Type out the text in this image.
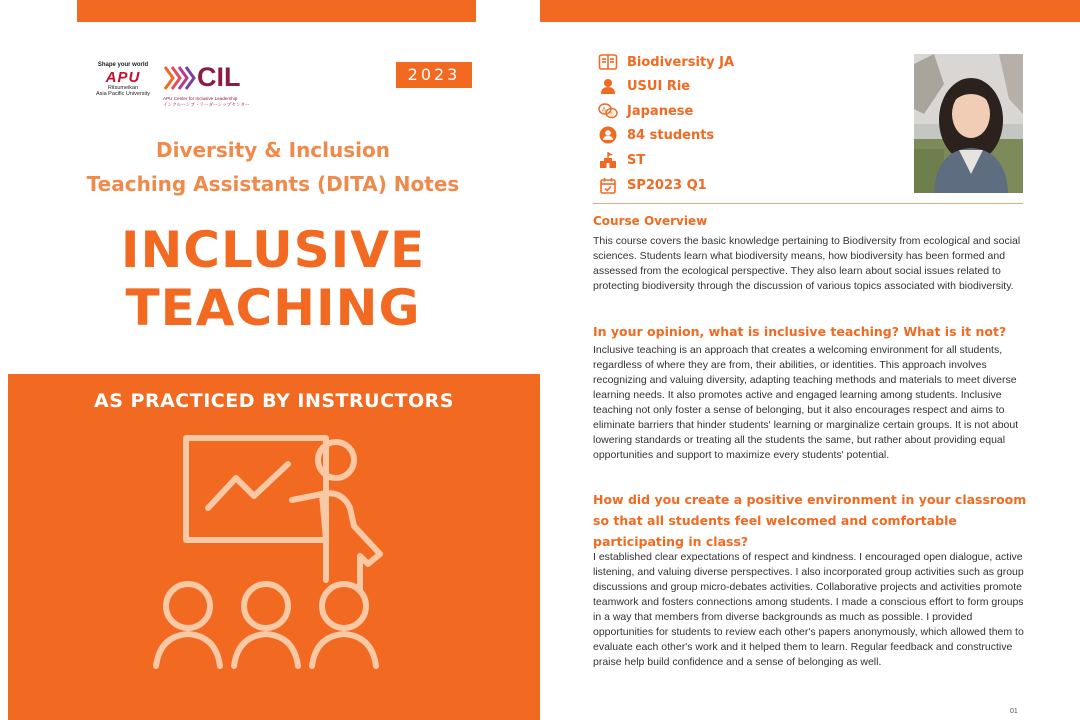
Shape your world
APU
Ritsumeikan
Asia Pacific University
CIL
APU Center for Inclusive Leadership
インクルーシブ・リーダーシップセンター
2023
Diversity & Inclusion
Teaching Assistants (DITA) Notes
INCLUSIVE
TEACHING
AS PRACTICED BY INSTRUCTORS
Biodiversity JA
USUI Rie
A
あ Japanese
84 students
ST
SP2023 Q1
Course Overview
This course covers the basic knowledge pertaining to Biodiversity from ecological and social sciences. Students learn what biodiversity means, how biodiversity has been formed and assessed from the ecological perspective. They also learn about social issues related to protecting biodiversity through the discussion of various topics associated with biodiversity.
In your opinion, what is inclusive teaching? What is it not?
Inclusive teaching is an approach that creates a welcoming environment for all students, regardless of where they are from, their abilities, or identities. This approach involves recognizing and valuing diversity, adapting teaching methods and materials to meet diverse learning needs. It also promotes active and engaged learning among students. Inclusive teaching not only foster a sense of belonging, but it also encourages respect and aims to eliminate barriers that hinder students' learning or marginalize certain groups. It is not about lowering standards or treating all the students the same, but rather about providing equal opportunities and support to maximize every students' potential.
How did you create a positive environment in your classroom so that all students feel welcomed and comfortable participating in class?
I established clear expectations of respect and kindness. I encouraged open dialogue, active listening, and valuing diverse perspectives. I also incorporated group activities such as group discussions and group micro-debates activities. Collaborative projects and activities promote teamwork and fosters connections among students. I made a conscious effort to form groups in a way that members from diverse backgrounds as much as possible. I provided opportunities for students to review each other's papers anonymously, which allowed them to evaluate each other's work and it helped them to learn. Regular feedback and constructive praise help build confidence and a sense of belonging as well.
01
